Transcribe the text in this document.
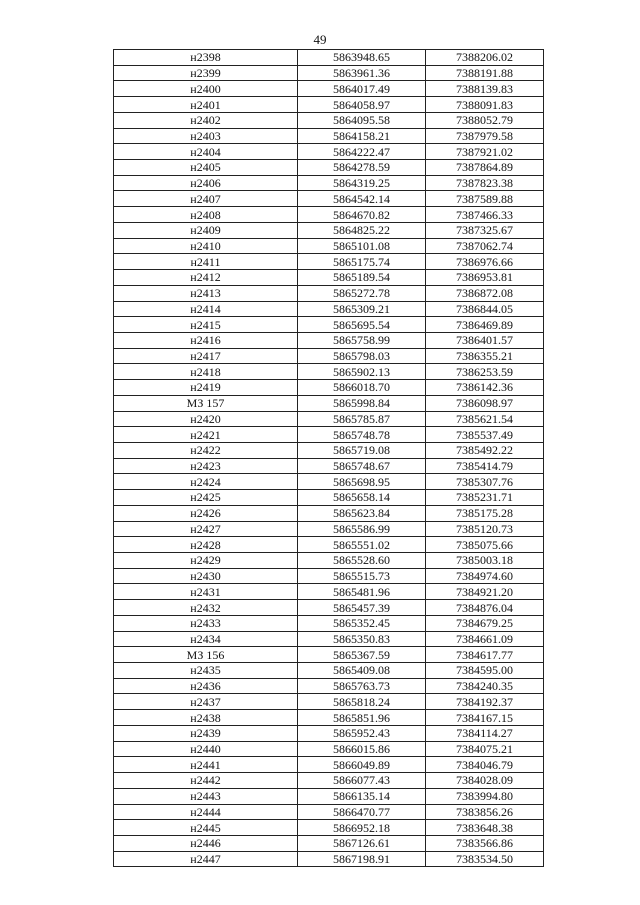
49
н2398	5863948.65	7388206.02
н2399	5863961.36	7388191.88
н2400	5864017.49	7388139.83
н2401	5864058.97	7388091.83
н2402	5864095.58	7388052.79
н2403	5864158.21	7387979.58
н2404	5864222.47	7387921.02
н2405	5864278.59	7387864.89
н2406	5864319.25	7387823.38
н2407	5864542.14	7387589.88
н2408	5864670.82	7387466.33
н2409	5864825.22	7387325.67
н2410	5865101.08	7387062.74
н2411	5865175.74	7386976.66
н2412	5865189.54	7386953.81
н2413	5865272.78	7386872.08
н2414	5865309.21	7386844.05
н2415	5865695.54	7386469.89
н2416	5865758.99	7386401.57
н2417	5865798.03	7386355.21
н2418	5865902.13	7386253.59
н2419	5866018.70	7386142.36
МЗ 157	5865998.84	7386098.97
н2420	5865785.87	7385621.54
н2421	5865748.78	7385537.49
н2422	5865719.08	7385492.22
н2423	5865748.67	7385414.79
н2424	5865698.95	7385307.76
н2425	5865658.14	7385231.71
н2426	5865623.84	7385175.28
н2427	5865586.99	7385120.73
н2428	5865551.02	7385075.66
н2429	5865528.60	7385003.18
н2430	5865515.73	7384974.60
н2431	5865481.96	7384921.20
н2432	5865457.39	7384876.04
н2433	5865352.45	7384679.25
н2434	5865350.83	7384661.09
МЗ 156	5865367.59	7384617.77
н2435	5865409.08	7384595.00
н2436	5865763.73	7384240.35
н2437	5865818.24	7384192.37
н2438	5865851.96	7384167.15
н2439	5865952.43	7384114.27
н2440	5866015.86	7384075.21
н2441	5866049.89	7384046.79
н2442	5866077.43	7384028.09
н2443	5866135.14	7383994.80
н2444	5866470.77	7383856.26
н2445	5866952.18	7383648.38
н2446	5867126.61	7383566.86
н2447	5867198.91	7383534.50
